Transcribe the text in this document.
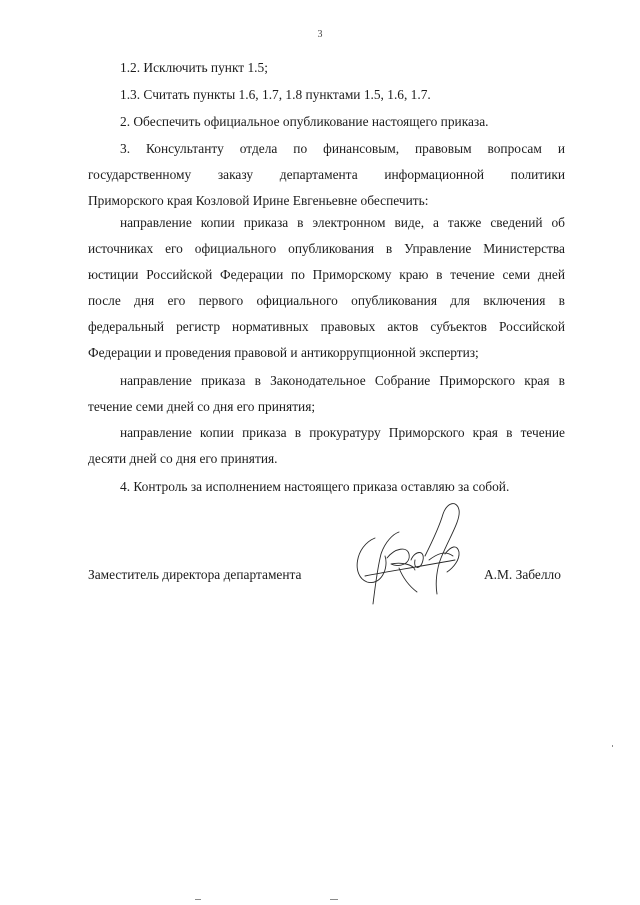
3
1.2. Исключить пункт 1.5;
1.3. Считать пункты 1.6, 1.7, 1.8 пунктами 1.5, 1.6, 1.7.
2. Обеспечить официальное опубликование настоящего приказа.
3. Консультанту отдела по финансовым, правовым вопросам и
государственному заказу департамента информационной политики
Приморского края Козловой Ирине Евгеньевне обеспечить:
направление копии приказа в электронном виде, а также сведений об
источниках его официального опубликования в Управление Министерства
юстиции Российской Федерации по Приморскому краю в течение семи дней
после дня его первого официального опубликования для включения в
федеральный регистр нормативных правовых актов субъектов Российской
Федерации и проведения правовой и антикоррупционной экспертиз;
направление приказа в Законодательное Собрание Приморского края в
течение семи дней со дня его принятия;
направление копии приказа в прокуратуру Приморского края в течение
десяти дней со дня его принятия.
4. Контроль за исполнением настоящего приказа оставляю за собой.
Заместитель директора департамента	А.М. Забелло
